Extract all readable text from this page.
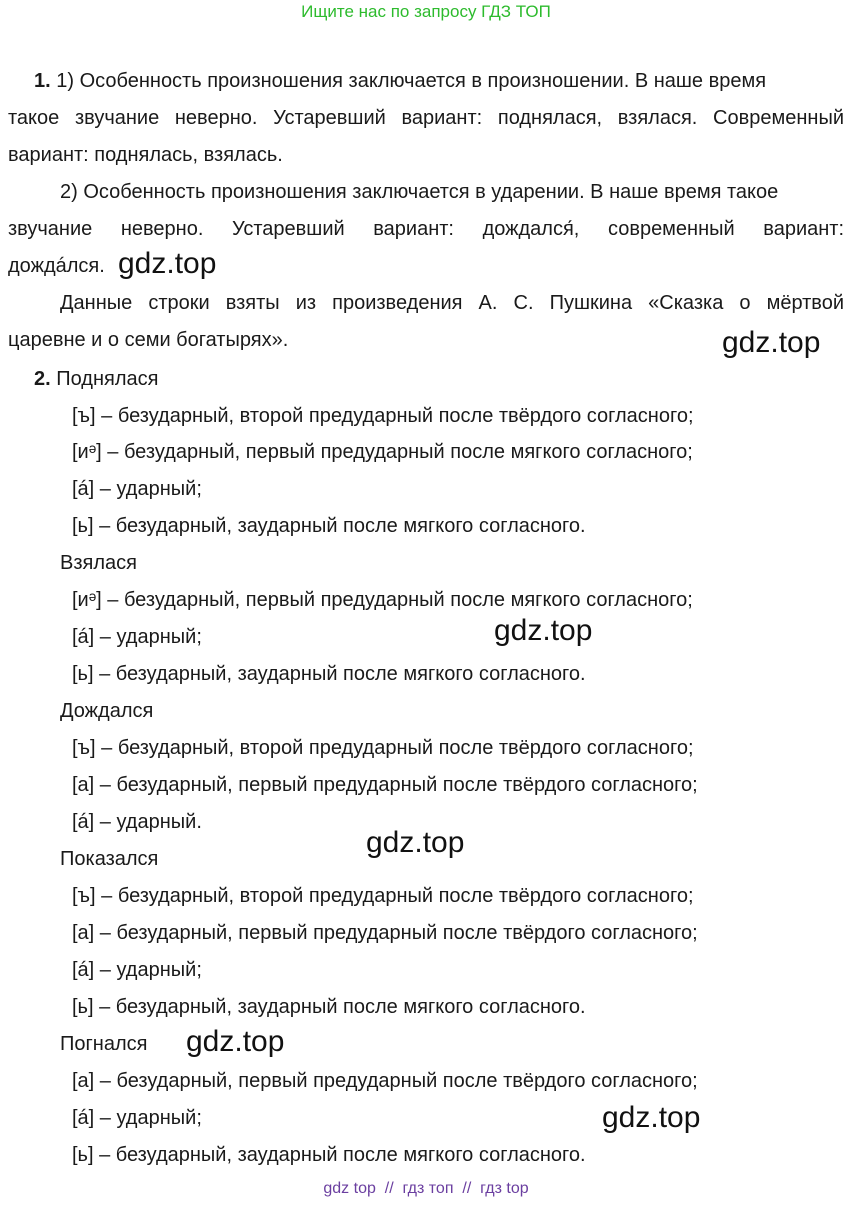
Ищите нас по запросу ГДЗ ТОП
1. 1) Особенность произношения заключается в произношении. В наше время
такое звучание неверно. Устаревший вариант: поднялася, взялася. Современный
вариант: поднялась, взялась.
2) Особенность произношения заключается в ударении. В наше время такое
звучание неверно. Устаревший вариант: дождался́, современный вариант:
дождáлся.
Данные строки взяты из произведения А. С. Пушкина «Сказка о мёртвой
царевне и о семи богатырях».
2. Поднялася
[ъ] – безударный, второй предударный после твёрдого согласного;
[иᵊ] – безударный, первый предударный после мягкого согласного;
[á] – ударный;
[ь] – безударный, заударный после мягкого согласного.
Взялася
[иᵊ] – безударный, первый предударный после мягкого согласного;
[á] – ударный;
[ь] – безударный, заударный после мягкого согласного.
Дождался
[ъ] – безударный, второй предударный после твёрдого согласного;
[а] – безударный, первый предударный после твёрдого согласного;
[á] – ударный.
Показался
[ъ] – безударный, второй предударный после твёрдого согласного;
[а] – безударный, первый предударный после твёрдого согласного;
[á] – ударный;
[ь] – безударный, заударный после мягкого согласного.
Погнался
[а] – безударный, первый предударный после твёрдого согласного;
[á] – ударный;
[ь] – безударный, заударный после мягкого согласного.
gdz.top
gdz.top
gdz.top
gdz.top
gdz.top
gdz.top
gdz top  //  гдз топ  //  гдз top
